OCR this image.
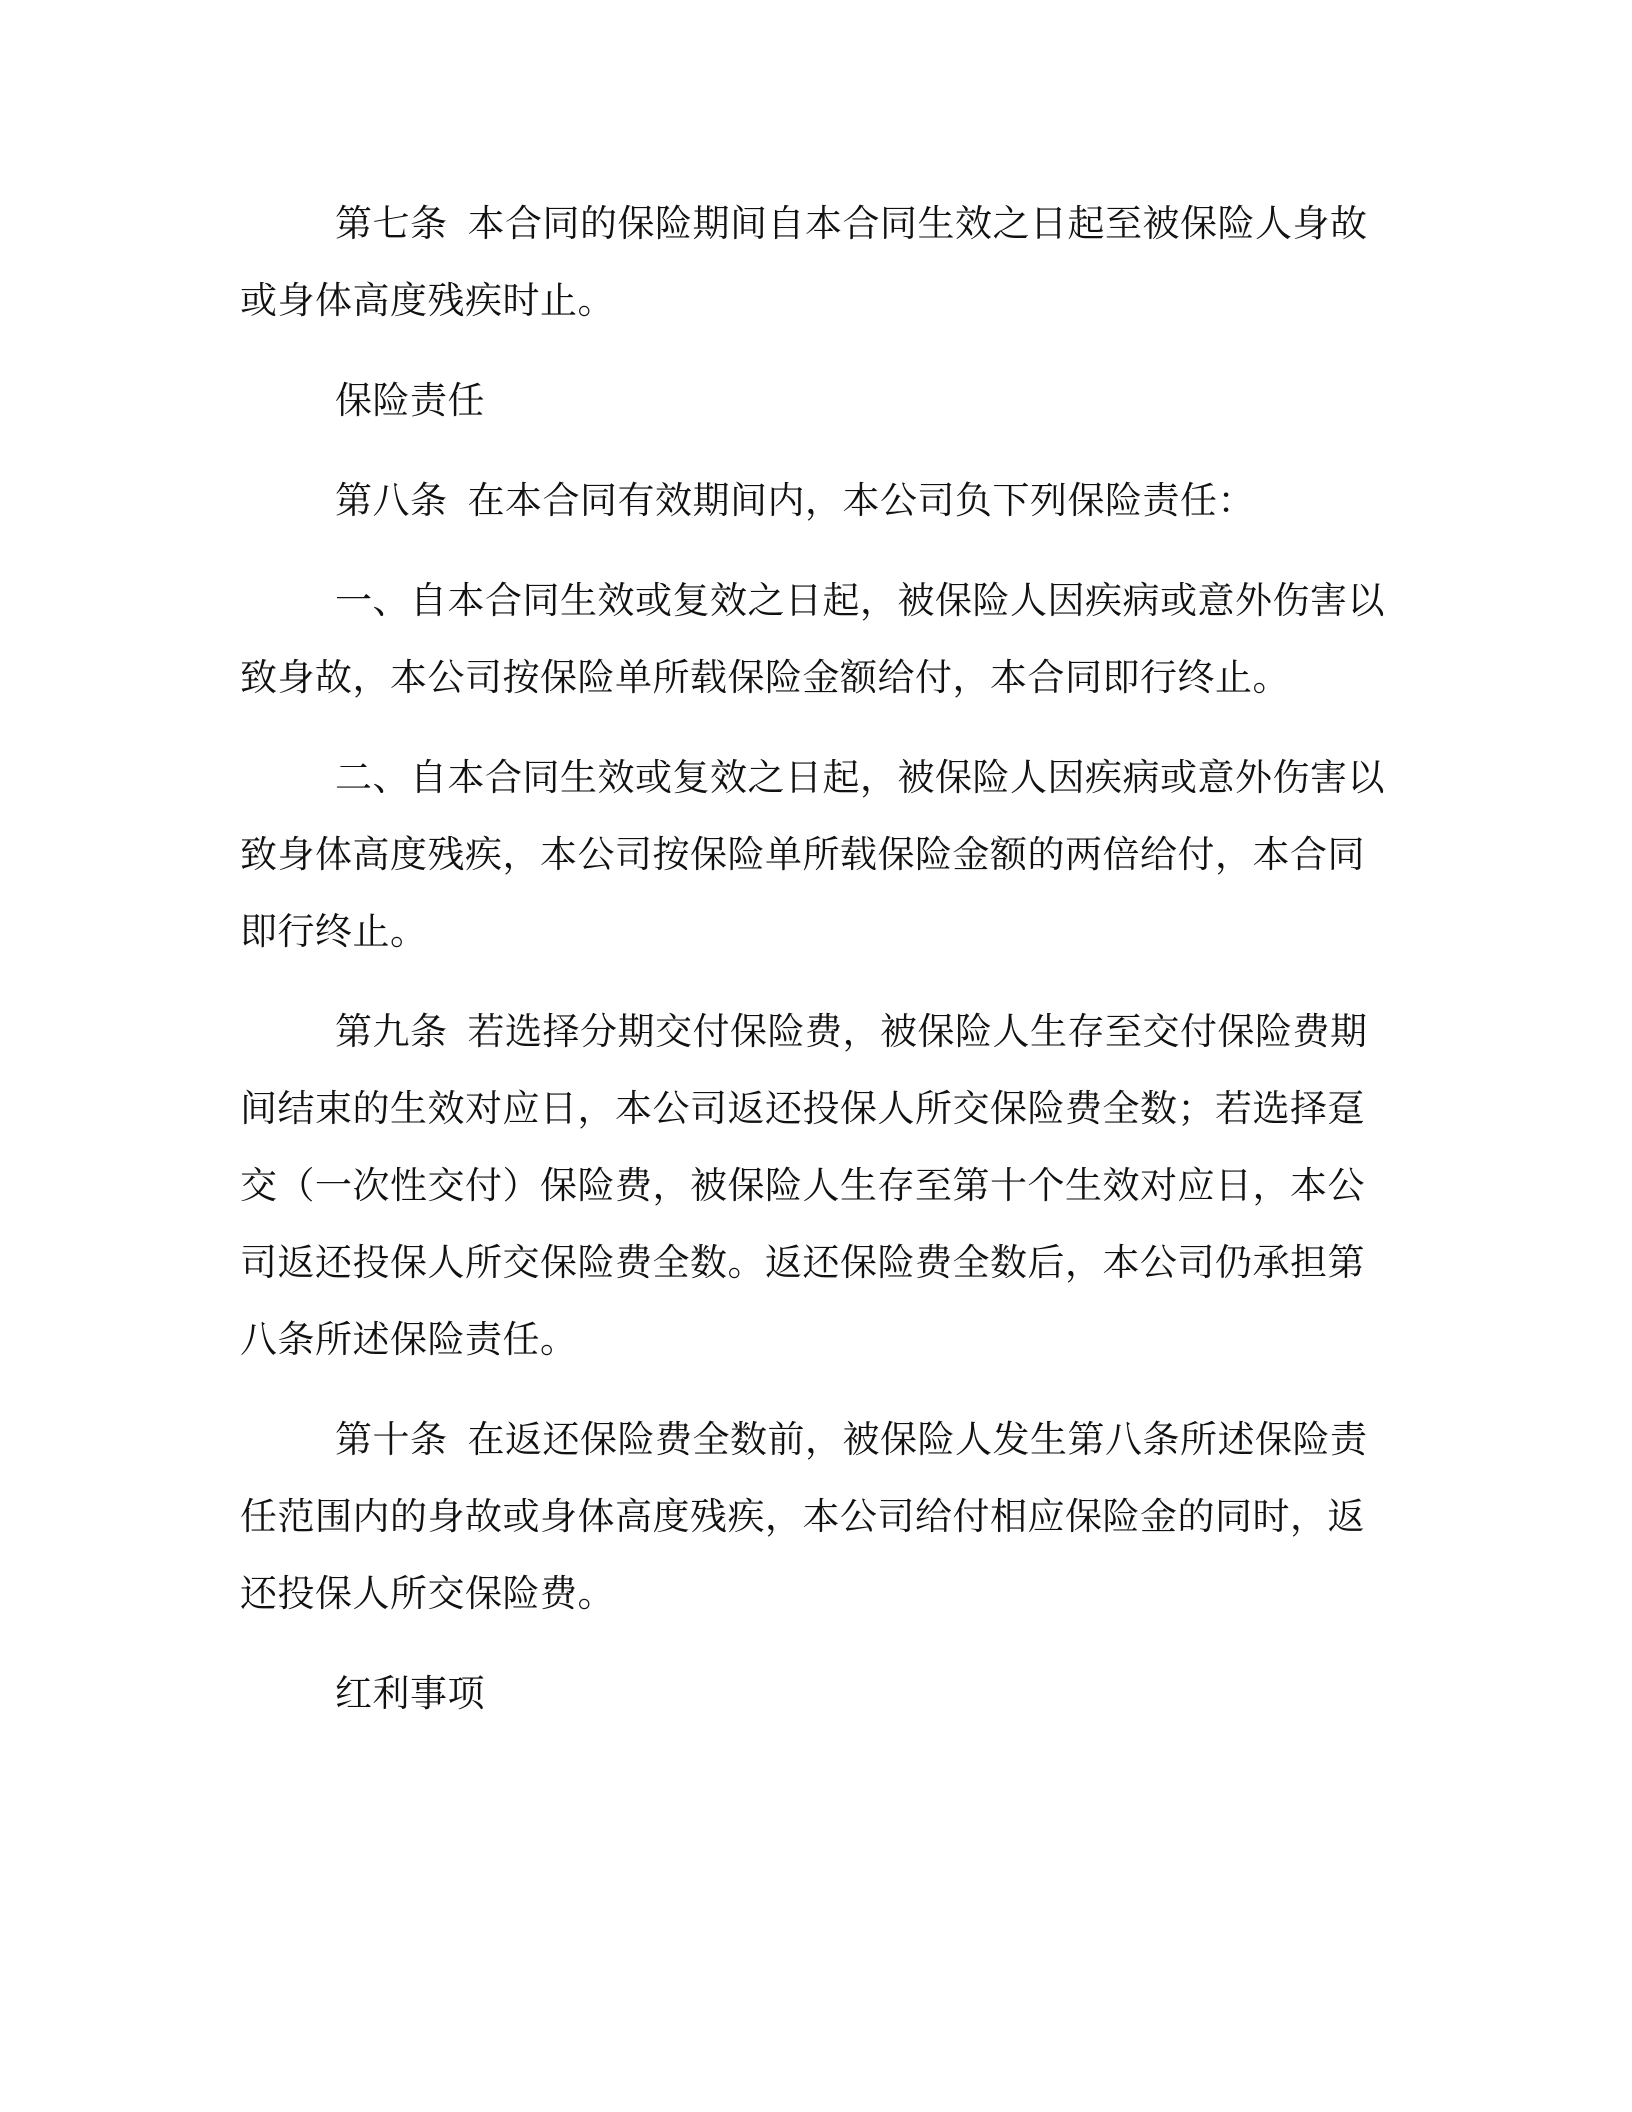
第七条 本合同的保险期间自本合同生效之日起至被保险人身故
或身体高度残疾时止。
保险责任
第八条 在本合同有效期间内，本公司负下列保险责任：
一、自本合同生效或复效之日起，被保险人因疾病或意外伤害以
致身故，本公司按保险单所载保险金额给付，本合同即行终止。
二、自本合同生效或复效之日起，被保险人因疾病或意外伤害以
致身体高度残疾，本公司按保险单所载保险金额的两倍给付，本合同
即行终止。
第九条 若选择分期交付保险费，被保险人生存至交付保险费期
间结束的生效对应日，本公司返还投保人所交保险费全数；若选择趸
交（一次性交付）保险费，被保险人生存至第十个生效对应日，本公
司返还投保人所交保险费全数。返还保险费全数后，本公司仍承担第
八条所述保险责任。
第十条 在返还保险费全数前，被保险人发生第八条所述保险责
任范围内的身故或身体高度残疾，本公司给付相应保险金的同时，返
还投保人所交保险费。
红利事项
